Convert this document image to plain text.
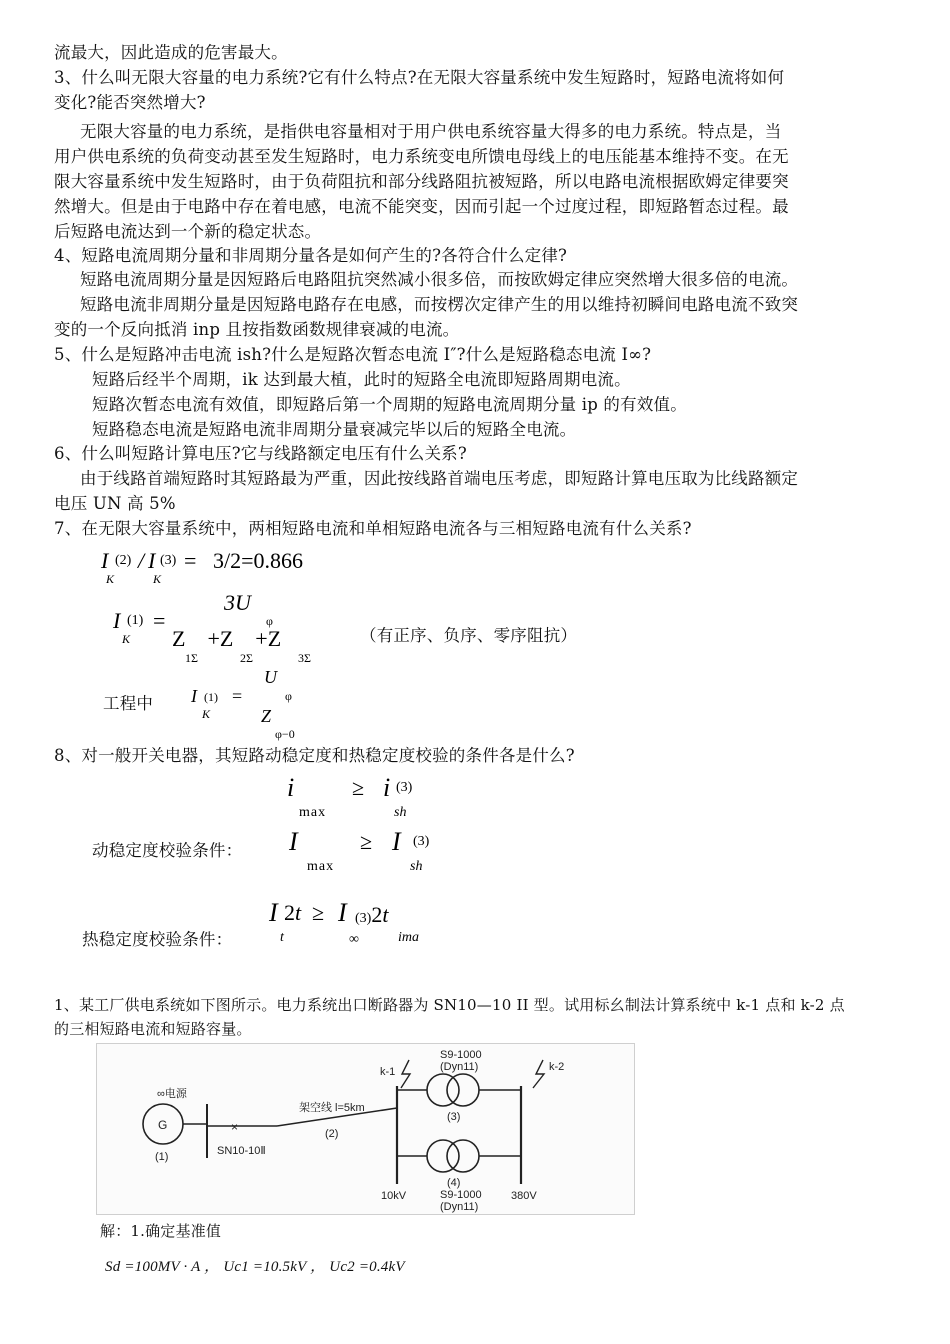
流最大，因此造成的危害最大。
3、什么叫无限大容量的电力系统?它有什么特点?在无限大容量系统中发生短路时，短路电流将如何
变化?能否突然增大?
无限大容量的电力系统，是指供电容量相对于用户供电系统容量大得多的电力系统。特点是，当
用户供电系统的负荷变动甚至发生短路时，电力系统变电所馈电母线上的电压能基本维持不变。在无
限大容量系统中发生短路时，由于负荷阻抗和部分线路阻抗被短路，所以电路电流根据欧姆定律要突
然增大。但是由于电路中存在着电感，电流不能突变，因而引起一个过度过程，即短路暂态过程。最
后短路电流达到一个新的稳定状态。
4、短路电流周期分量和非周期分量各是如何产生的?各符合什么定律?
短路电流周期分量是因短路后电路阻抗突然减小很多倍，而按欧姆定律应突然增大很多倍的电流。
短路电流非周期分量是因短路电路存在电感，而按楞次定律产生的用以维持初瞬间电路电流不致突
变的一个反向抵消 inp 且按指数函数规律衰减的电流。
5、什么是短路冲击电流 ish?什么是短路次暂态电流 I″?什么是短路稳态电流 I∞?
短路后经半个周期，ik 达到最大植，此时的短路全电流即短路周期电流。
短路次暂态电流有效值，即短路后第一个周期的短路电流周期分量 ip 的有效值。
短路稳态电流是短路电流非周期分量衰减完毕以后的短路全电流。
6、什么叫短路计算电压?它与线路额定电压有什么关系?
由于线路首端短路时其短路最为严重，因此按线路首端电压考虑，即短路计算电压取为比线路额定
电压 UN 高 5%
7、在无限大容量系统中，两相短路电流和单相短路电流各与三相短路电流有什么关系?
I (2)
K
/ I (3)
K
= 3/2=0.866
3U
φ
I (1)
K
=
Z    +Z    +Z
1Σ	2Σ	3Σ
（有正序、负序、零序阻抗）
工程中 I (1)
K
=
U
φ
Z
φ−0
8、对一般开关电器，其短路动稳定度和热稳定度校验的条件各是什么?
i
max
≥ i (3)
sh
动稳定度校验条件： I
max
≥ I (3)
sh
热稳定度校验条件：
I 2t
t
≥ I (3)2t
∞	ima
1、某工厂供电系统如下图所示。电力系统出口断路器为 SN10—10 II 型。试用标幺制法计算系统中 k-1 点和 k-2 点
的三相短路电流和短路容量。
∞电源
G
(1)
×
SN10-10Ⅱ
架空线 l=5km
(2)
10kV
k-1
S9-1000
(Dyn11)
(3)
(4)
S9-1000
(Dyn11)
380V
k-2
解：1.确定基准值
Sd =100MV · A ， Uc1 =10.5kV ， Uc2 =0.4kV
